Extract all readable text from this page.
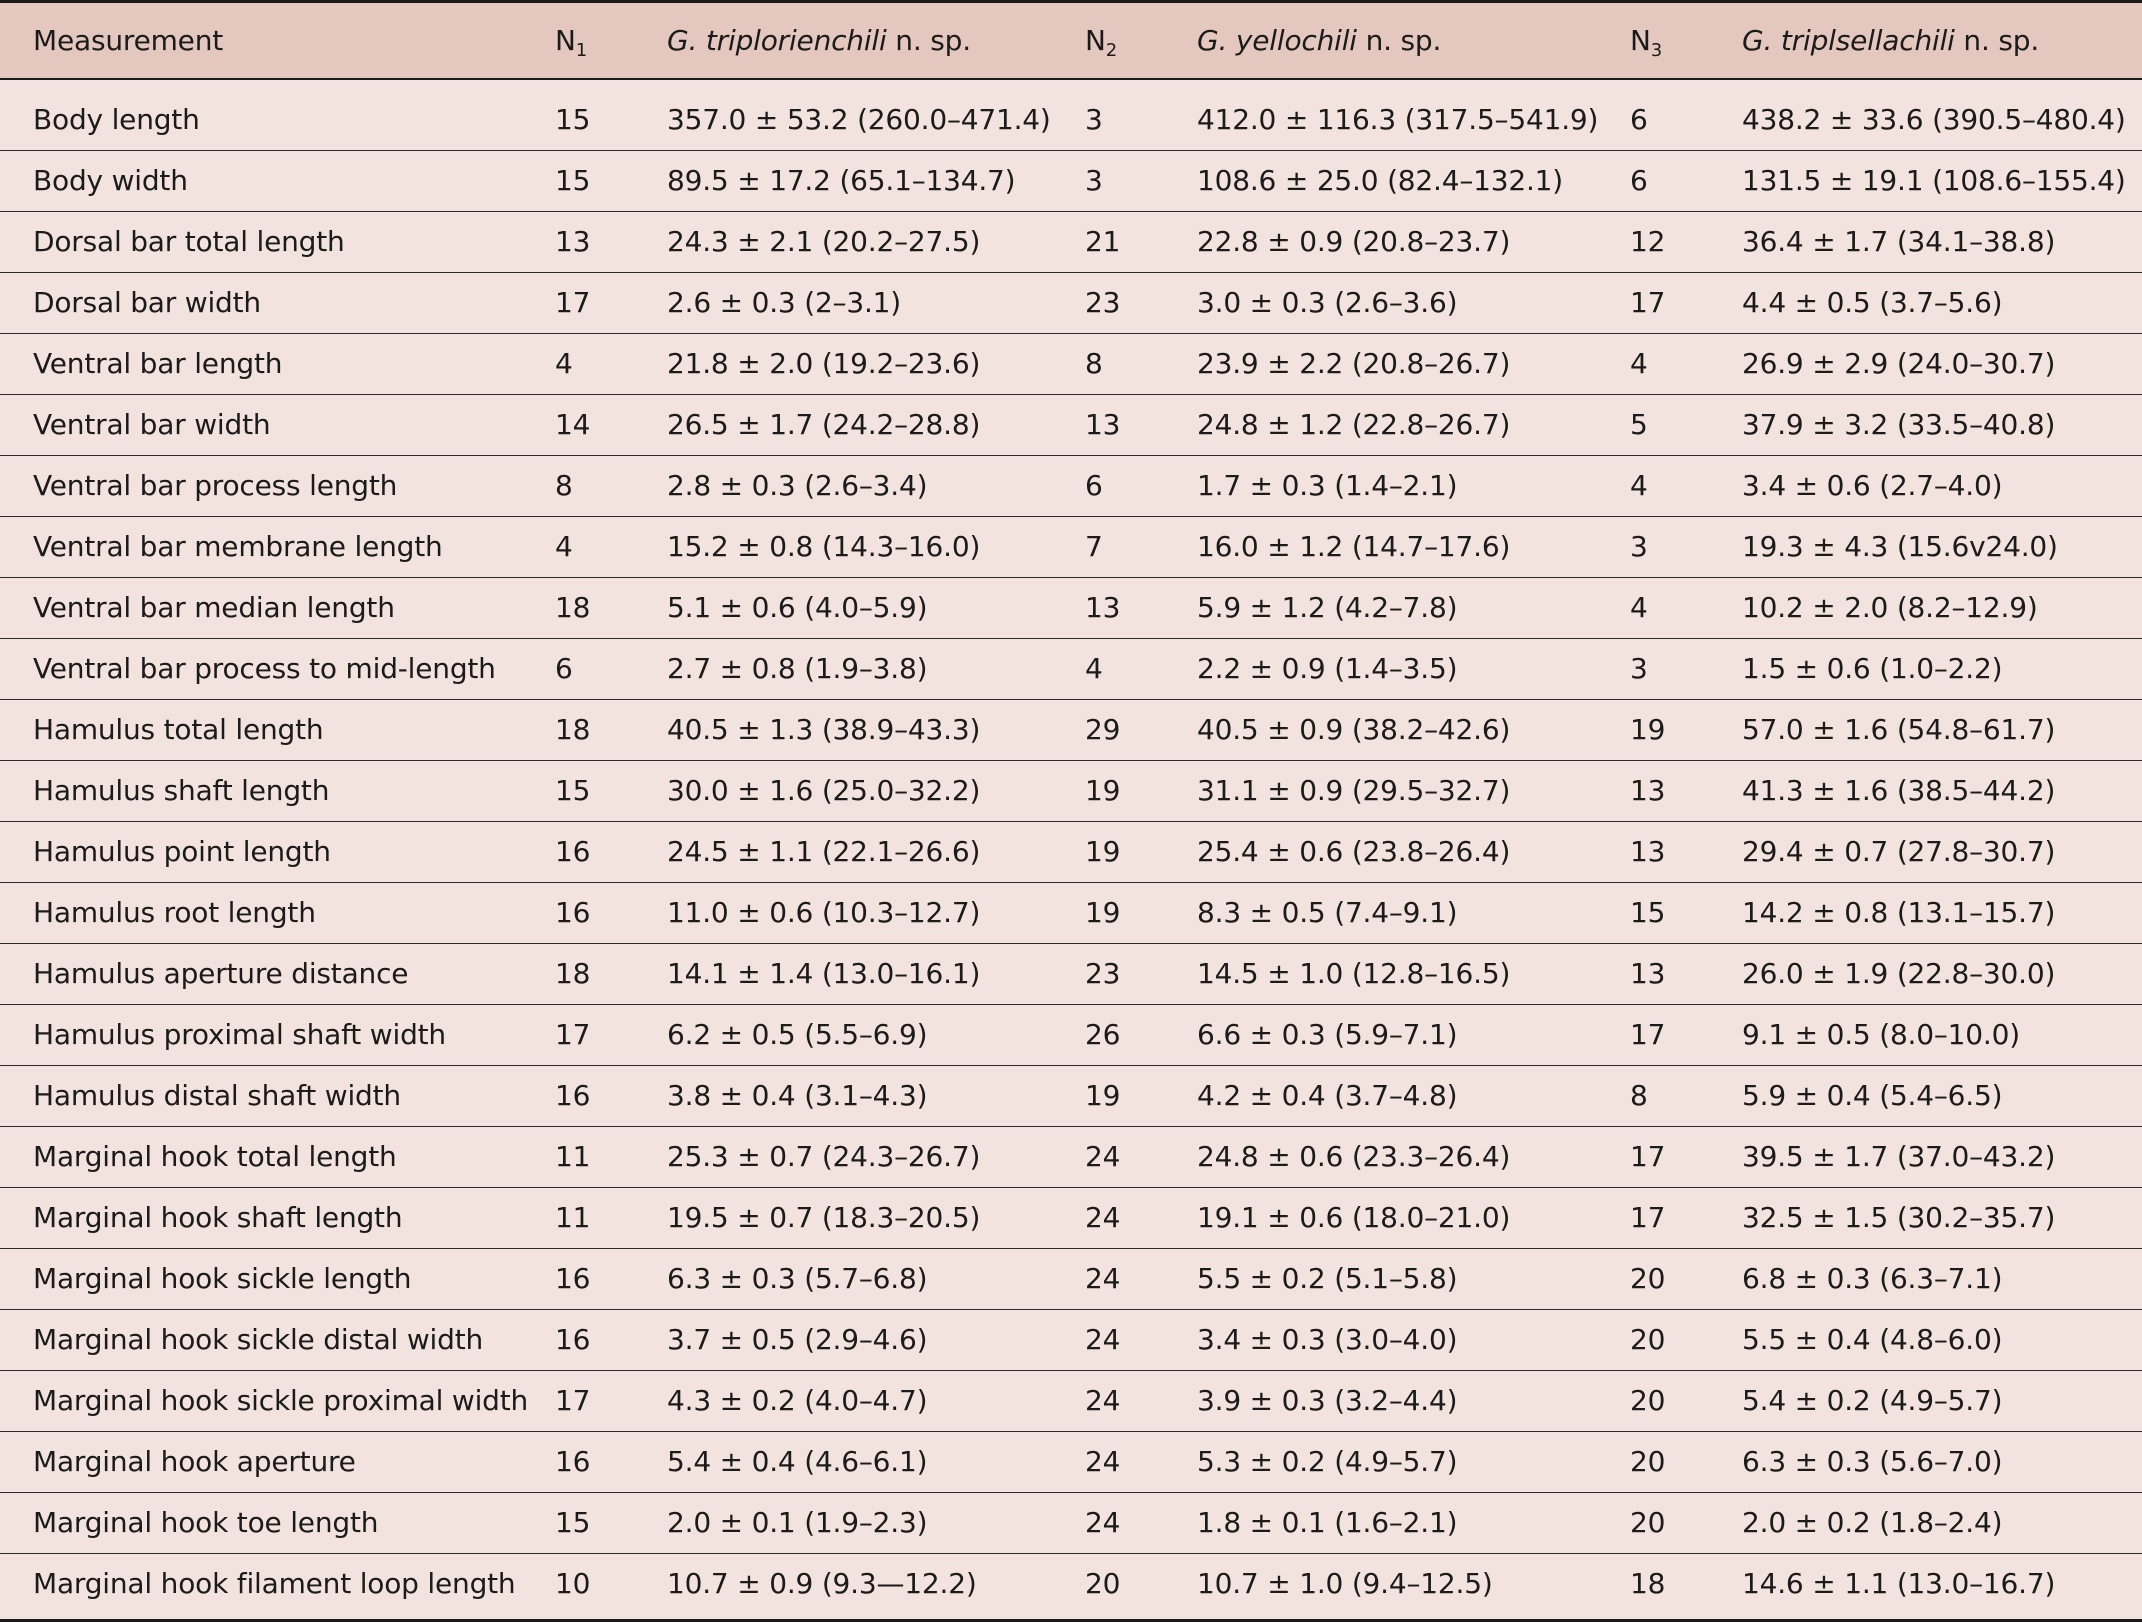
Measurement	$N_1$	G. triplorienchili n. sp.	$N_2$	G. yellochili n. sp.	$N_3$	G. triplsellachili n. sp.

Body length	15	357.0 ± 53.2 (260.0–471.4)	3	412.0 ± 116.3 (317.5–541.9)	6	438.2 ± 33.6 (390.5–480.4)
Body width	15	89.5 ± 17.2 (65.1–134.7)	3	108.6 ± 25.0 (82.4–132.1)	6	131.5 ± 19.1 (108.6–155.4)
Dorsal bar total length	13	24.3 ± 2.1 (20.2–27.5)	21	22.8 ± 0.9 (20.8–23.7)	12	36.4 ± 1.7 (34.1–38.8)
Dorsal bar width	17	2.6 ± 0.3 (2–3.1)	23	3.0 ± 0.3 (2.6–3.6)	17	4.4 ± 0.5 (3.7–5.6)
Ventral bar length	4	21.8 ± 2.0 (19.2–23.6)	8	23.9 ± 2.2 (20.8–26.7)	4	26.9 ± 2.9 (24.0–30.7)
Ventral bar width	14	26.5 ± 1.7 (24.2–28.8)	13	24.8 ± 1.2 (22.8–26.7)	5	37.9 ± 3.2 (33.5–40.8)
Ventral bar process length	8	2.8 ± 0.3 (2.6–3.4)	6	1.7 ± 0.3 (1.4–2.1)	4	3.4 ± 0.6 (2.7–4.0)
Ventral bar membrane length	4	15.2 ± 0.8 (14.3–16.0)	7	16.0 ± 1.2 (14.7–17.6)	3	19.3 ± 4.3 (15.6v24.0)
Ventral bar median length	18	5.1 ± 0.6 (4.0–5.9)	13	5.9 ± 1.2 (4.2–7.8)	4	10.2 ± 2.0 (8.2–12.9)
Ventral bar process to mid-length	6	2.7 ± 0.8 (1.9–3.8)	4	2.2 ± 0.9 (1.4–3.5)	3	1.5 ± 0.6 (1.0–2.2)
Hamulus total length	18	40.5 ± 1.3 (38.9–43.3)	29	40.5 ± 0.9 (38.2–42.6)	19	57.0 ± 1.6 (54.8–61.7)
Hamulus shaft length	15	30.0 ± 1.6 (25.0–32.2)	19	31.1 ± 0.9 (29.5–32.7)	13	41.3 ± 1.6 (38.5–44.2)
Hamulus point length	16	24.5 ± 1.1 (22.1–26.6)	19	25.4 ± 0.6 (23.8–26.4)	13	29.4 ± 0.7 (27.8–30.7)
Hamulus root length	16	11.0 ± 0.6 (10.3–12.7)	19	8.3 ± 0.5 (7.4–9.1)	15	14.2 ± 0.8 (13.1–15.7)
Hamulus aperture distance	18	14.1 ± 1.4 (13.0–16.1)	23	14.5 ± 1.0 (12.8–16.5)	13	26.0 ± 1.9 (22.8–30.0)
Hamulus proximal shaft width	17	6.2 ± 0.5 (5.5–6.9)	26	6.6 ± 0.3 (5.9–7.1)	17	9.1 ± 0.5 (8.0–10.0)
Hamulus distal shaft width	16	3.8 ± 0.4 (3.1–4.3)	19	4.2 ± 0.4 (3.7–4.8)	8	5.9 ± 0.4 (5.4–6.5)
Marginal hook total length	11	25.3 ± 0.7 (24.3–26.7)	24	24.8 ± 0.6 (23.3–26.4)	17	39.5 ± 1.7 (37.0–43.2)
Marginal hook shaft length	11	19.5 ± 0.7 (18.3–20.5)	24	19.1 ± 0.6 (18.0–21.0)	17	32.5 ± 1.5 (30.2–35.7)
Marginal hook sickle length	16	6.3 ± 0.3 (5.7–6.8)	24	5.5 ± 0.2 (5.1–5.8)	20	6.8 ± 0.3 (6.3–7.1)
Marginal hook sickle distal width	16	3.7 ± 0.5 (2.9–4.6)	24	3.4 ± 0.3 (3.0–4.0)	20	5.5 ± 0.4 (4.8–6.0)
Marginal hook sickle proximal width	17	4.3 ± 0.2 (4.0–4.7)	24	3.9 ± 0.3 (3.2–4.4)	20	5.4 ± 0.2 (4.9–5.7)
Marginal hook aperture	16	5.4 ± 0.4 (4.6–6.1)	24	5.3 ± 0.2 (4.9–5.7)	20	6.3 ± 0.3 (5.6–7.0)
Marginal hook toe length	15	2.0 ± 0.1 (1.9–2.3)	24	1.8 ± 0.1 (1.6–2.1)	20	2.0 ± 0.2 (1.8–2.4)
Marginal hook filament loop length	10	10.7 ± 0.9 (9.3—12.2)	20	10.7 ± 1.0 (9.4–12.5)	18	14.6 ± 1.1 (13.0–16.7)
